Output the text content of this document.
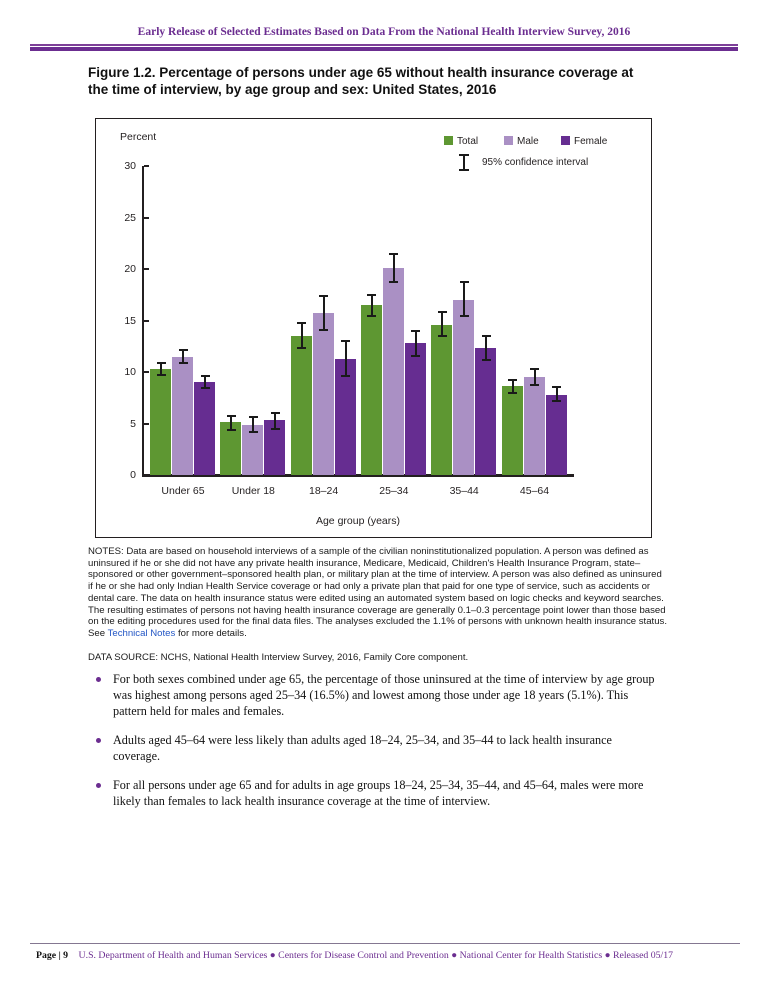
Early Release of Selected Estimates Based on Data From the National Health Interview Survey, 2016
Figure 1.2. Percentage of persons under age 65 without health insurance coverage at the time of interview, by age group and sex: United States, 2016
Percent	Total	Male	Female
95% confidence interval
Age group (years)
0
5
10
15
20
25
30
Under 65	Under 18	18–24	25–34	35–44	45–64
NOTES: Data are based on household interviews of a sample of the civilian noninstitutionalized population. A person was defined as uninsured if he or she did not have any private health insurance, Medicare, Medicaid, Children's Health Insurance Program, state–sponsored or other government–sponsored health plan, or military plan at the time of interview. A person was also defined as uninsured if he or she had only Indian Health Service coverage or had only a private plan that paid for one type of service, such as accidents or dental care. The data on health insurance status were edited using an automated system based on logic checks and keyword searches. The resulting estimates of persons not having health insurance coverage are generally 0.1–0.3 percentage point lower than those based on the editing procedures used for the final data files. The analyses excluded the 1.1% of persons with unknown health insurance status. See Technical Notes for more details.
DATA SOURCE: NCHS, National Health Interview Survey, 2016, Family Core component.
For both sexes combined under age 65, the percentage of those uninsured at the time of interview by age group was highest among persons aged 25–34 (16.5%) and lowest among those under age 18 years (5.1%). This pattern held for males and females.
Adults aged 45–64 were less likely than adults aged 18–24, 25–34, and 35–44 to lack health insurance coverage.
For all persons under age 65 and for adults in age groups 18–24, 25–34, 35–44, and 45–64, males were more likely than females to lack health insurance coverage at the time of interview.
Page | 9 U.S. Department of Health and Human Services ● Centers for Disease Control and Prevention ● National Center for Health Statistics ● Released 05/17
